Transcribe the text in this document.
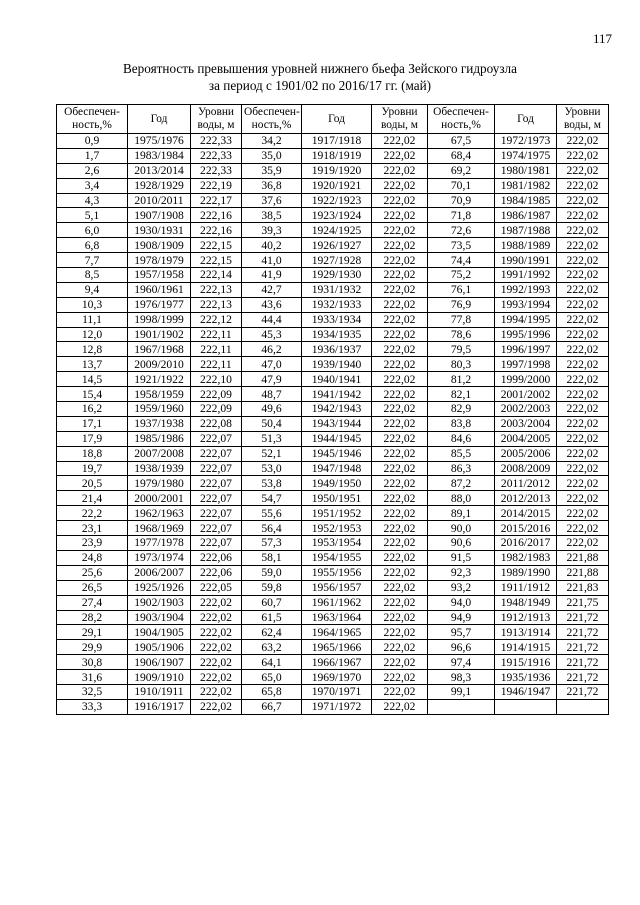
117
Вероятность превышения уровней нижнего бьефа Зейского гидроузла
за период с 1901/02 по 2016/17 гг. (май)
Обеспечен-ность,%	Год	Уровни воды, м	Обеспечен-ность,%	Год	Уровни воды, м	Обеспечен-ность,%	Год	Уровни воды, м
0,9	1975/1976	222,33	34,2	1917/1918	222,02	67,5	1972/1973	222,02
1,7	1983/1984	222,33	35,0	1918/1919	222,02	68,4	1974/1975	222,02
2,6	2013/2014	222,33	35,9	1919/1920	222,02	69,2	1980/1981	222,02
3,4	1928/1929	222,19	36,8	1920/1921	222,02	70,1	1981/1982	222,02
4,3	2010/2011	222,17	37,6	1922/1923	222,02	70,9	1984/1985	222,02
5,1	1907/1908	222,16	38,5	1923/1924	222,02	71,8	1986/1987	222,02
6,0	1930/1931	222,16	39,3	1924/1925	222,02	72,6	1987/1988	222,02
6,8	1908/1909	222,15	40,2	1926/1927	222,02	73,5	1988/1989	222,02
7,7	1978/1979	222,15	41,0	1927/1928	222,02	74,4	1990/1991	222,02
8,5	1957/1958	222,14	41,9	1929/1930	222,02	75,2	1991/1992	222,02
9,4	1960/1961	222,13	42,7	1931/1932	222,02	76,1	1992/1993	222,02
10,3	1976/1977	222,13	43,6	1932/1933	222,02	76,9	1993/1994	222,02
11,1	1998/1999	222,12	44,4	1933/1934	222,02	77,8	1994/1995	222,02
12,0	1901/1902	222,11	45,3	1934/1935	222,02	78,6	1995/1996	222,02
12,8	1967/1968	222,11	46,2	1936/1937	222,02	79,5	1996/1997	222,02
13,7	2009/2010	222,11	47,0	1939/1940	222,02	80,3	1997/1998	222,02
14,5	1921/1922	222,10	47,9	1940/1941	222,02	81,2	1999/2000	222,02
15,4	1958/1959	222,09	48,7	1941/1942	222,02	82,1	2001/2002	222,02
16,2	1959/1960	222,09	49,6	1942/1943	222,02	82,9	2002/2003	222,02
17,1	1937/1938	222,08	50,4	1943/1944	222,02	83,8	2003/2004	222,02
17,9	1985/1986	222,07	51,3	1944/1945	222,02	84,6	2004/2005	222,02
18,8	2007/2008	222,07	52,1	1945/1946	222,02	85,5	2005/2006	222,02
19,7	1938/1939	222,07	53,0	1947/1948	222,02	86,3	2008/2009	222,02
20,5	1979/1980	222,07	53,8	1949/1950	222,02	87,2	2011/2012	222,02
21,4	2000/2001	222,07	54,7	1950/1951	222,02	88,0	2012/2013	222,02
22,2	1962/1963	222,07	55,6	1951/1952	222,02	89,1	2014/2015	222,02
23,1	1968/1969	222,07	56,4	1952/1953	222,02	90,0	2015/2016	222,02
23,9	1977/1978	222,07	57,3	1953/1954	222,02	90,6	2016/2017	222,02
24,8	1973/1974	222,06	58,1	1954/1955	222,02	91,5	1982/1983	221,88
25,6	2006/2007	222,06	59,0	1955/1956	222,02	92,3	1989/1990	221,88
26,5	1925/1926	222,05	59,8	1956/1957	222,02	93,2	1911/1912	221,83
27,4	1902/1903	222,02	60,7	1961/1962	222,02	94,0	1948/1949	221,75
28,2	1903/1904	222,02	61,5	1963/1964	222,02	94,9	1912/1913	221,72
29,1	1904/1905	222,02	62,4	1964/1965	222,02	95,7	1913/1914	221,72
29,9	1905/1906	222,02	63,2	1965/1966	222,02	96,6	1914/1915	221,72
30,8	1906/1907	222,02	64,1	1966/1967	222,02	97,4	1915/1916	221,72
31,6	1909/1910	222,02	65,0	1969/1970	222,02	98,3	1935/1936	221,72
32,5	1910/1911	222,02	65,8	1970/1971	222,02	99,1	1946/1947	221,72
33,3	1916/1917	222,02	66,7	1971/1972	222,02			
